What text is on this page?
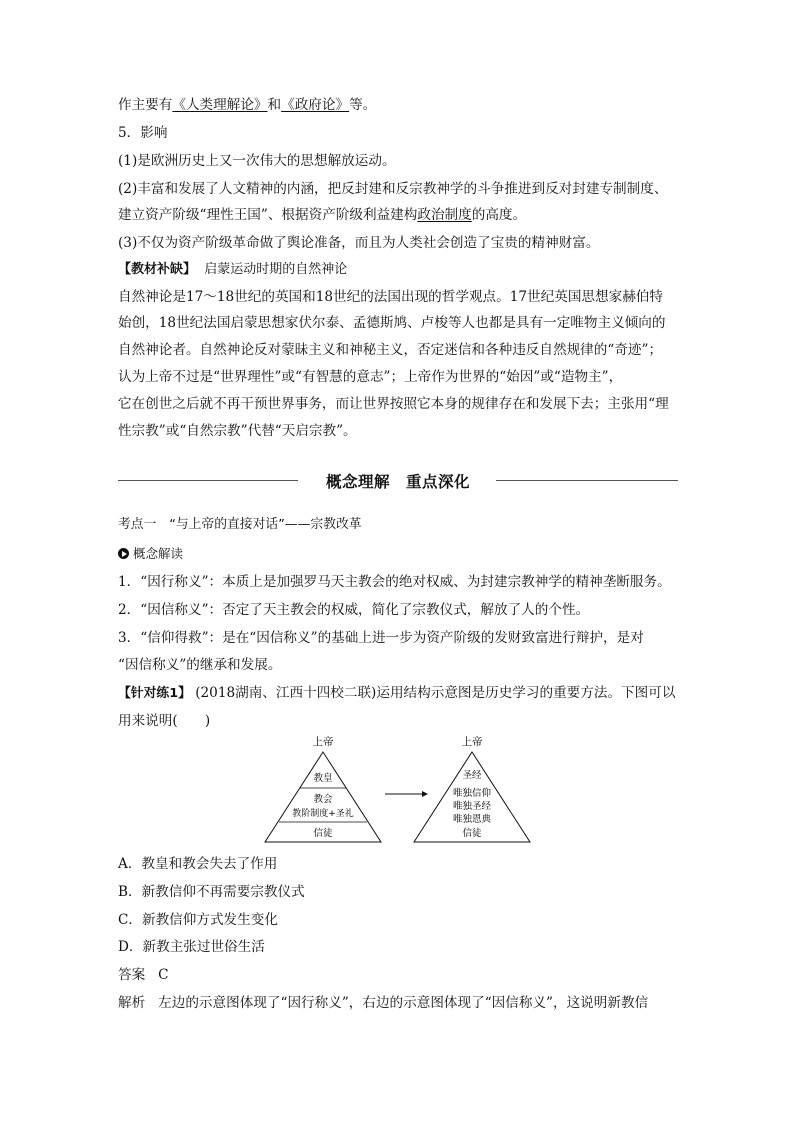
作主要有《人类理解论》和《政府论》等。
5．影响
(1)是欧洲历史上又一次伟大的思想解放运动。
(2)丰富和发展了人文精神的内涵，把反封建和反宗教神学的斗争推进到反对封建专制制度、
建立资产阶级“理性王国”、根据资产阶级利益建构政治制度的高度。
(3)不仅为资产阶级革命做了舆论准备，而且为人类社会创造了宝贵的精神财富。
【教材补缺】 启蒙运动时期的自然神论
自然神论是17～18世纪的英国和18世纪的法国出现的哲学观点。17世纪英国思想家赫伯特
始创，18世纪法国启蒙思想家伏尔泰、孟德斯鸠、卢梭等人也都是具有一定唯物主义倾向的
自然神论者。自然神论反对蒙昧主义和神秘主义，否定迷信和各种违反自然规律的“奇迹”；
认为上帝不过是“世界理性”或“有智慧的意志”；上帝作为世界的“始因”或“造物主”，
它在创世之后就不再干预世界事务，而让世界按照它本身的规律存在和发展下去；主张用“理
性宗教”或“自然宗教”代替“天启宗教”。
概念理解　重点深化
考点一　“与上帝的直接对话”——宗教改革
概念解读
1．“因行称义”：本质上是加强罗马天主教会的绝对权威、为封建宗教神学的精神垄断服务。
2．“因信称义”：否定了天主教会的权威，简化了宗教仪式，解放了人的个性。
3．“信仰得救”：是在“因信称义”的基础上进一步为资产阶级的发财致富进行辩护，是对
“因信称义”的继承和发展。
【针对练1】 (2018湖南、江西十四校二联)运用结构示意图是历史学习的重要方法。下图可以
用来说明(　　)
上帝
教皇
教会
教阶制度+圣礼
信徒
上帝
圣经
唯独信仰
唯独圣经
唯独恩典
信徒
A．教皇和教会失去了作用
B．新教信仰不再需要宗教仪式
C．新教信仰方式发生变化
D．新教主张过世俗生活
答案 C
解析 左边的示意图体现了“因行称义”，右边的示意图体现了“因信称义”，这说明新教信
